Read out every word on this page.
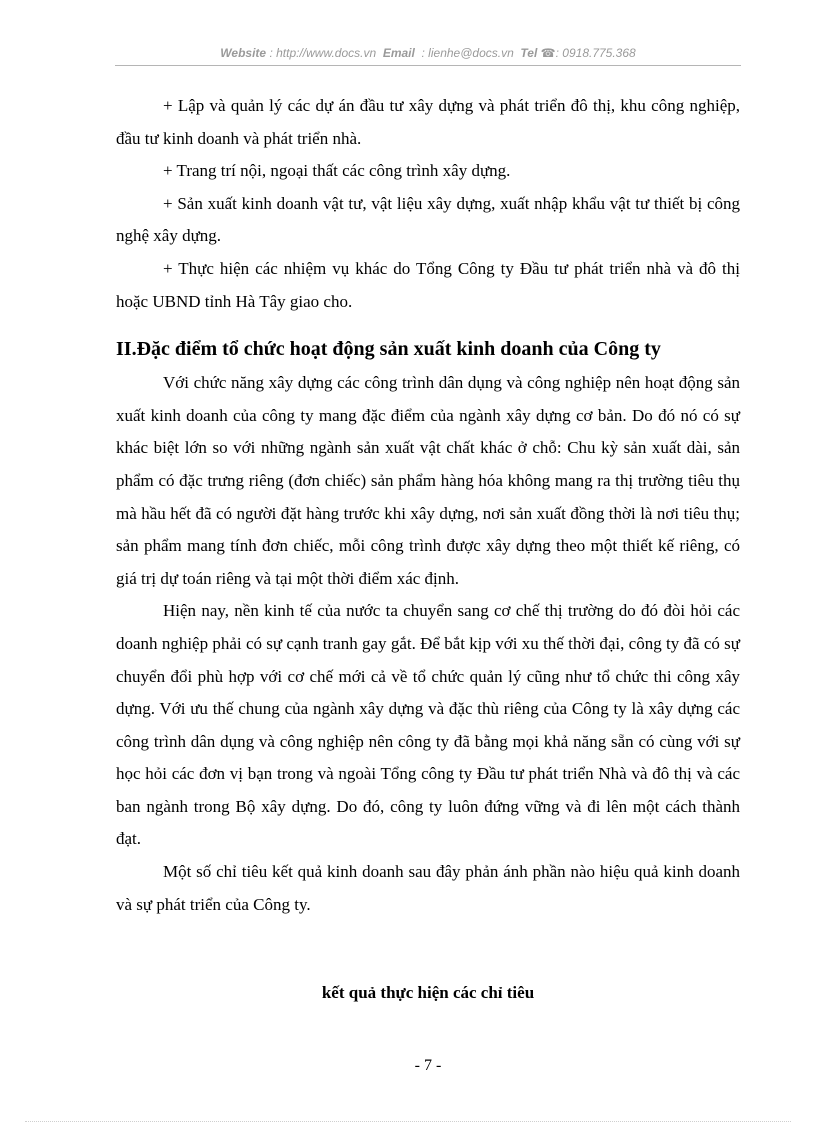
Website : http://www.docs.vn Email : lienhe@docs.vn Tel ☎: 0918.775.368

+ Lập và quản lý các dự án đầu tư xây dựng và phát triển đô thị, khu công nghiệp, đầu tư kinh doanh và phát triển nhà.

+ Trang trí nội, ngoại thất các công trình xây dựng.

+ Sản xuất kinh doanh vật tư, vật liệu xây dựng, xuất nhập khẩu vật tư thiết bị công nghệ xây dựng.

+ Thực hiện các nhiệm vụ khác do Tổng Công ty Đầu tư phát triển nhà và đô thị hoặc UBND tỉnh Hà Tây giao cho.

II.Đặc điểm tổ chức hoạt động sản xuất kinh doanh của Công ty

Với chức năng xây dựng các công trình dân dụng và công nghiệp nên hoạt động sản xuất kinh doanh của công ty mang đặc điểm của ngành xây dựng cơ bản. Do đó nó có sự khác biệt lớn so với những ngành sản xuất vật chất khác ở chỗ: Chu kỳ sản xuất dài, sản phẩm có đặc trưng riêng (đơn chiếc) sản phẩm hàng hóa không mang ra thị trường tiêu thụ mà hầu hết đã có người đặt hàng trước khi xây dựng, nơi sản xuất đồng thời là nơi tiêu thụ; sản phẩm mang tính đơn chiếc, mỗi công trình được xây dựng theo một thiết kế riêng, có giá trị dự toán riêng và tại một thời điểm xác định.

Hiện nay, nền kinh tế của nước ta chuyển sang cơ chế thị trường do đó đòi hỏi các doanh nghiệp phải có sự cạnh tranh gay gắt. Để bắt kịp với xu thế thời đại, công ty đã có sự chuyển đổi phù hợp với cơ chế mới cả về tổ chức quản lý cũng như tổ chức thi công xây dựng. Với ưu thế chung của ngành xây dựng và đặc thù riêng của Công ty là xây dựng các công trình dân dụng và công nghiệp nên công ty đã bằng mọi khả năng sẵn có cùng với sự học hỏi các đơn vị bạn trong và ngoài Tổng công ty Đầu tư phát triển Nhà và đô thị và các ban ngành trong Bộ xây dựng. Do đó, công ty luôn đứng vững và đi lên một cách thành đạt.

Một số chỉ tiêu kết quả kinh doanh sau đây phản ánh phần nào hiệu quả kinh doanh và sự phát triển của Công ty.

kết quả thực hiện các chỉ tiêu
- 7 -
